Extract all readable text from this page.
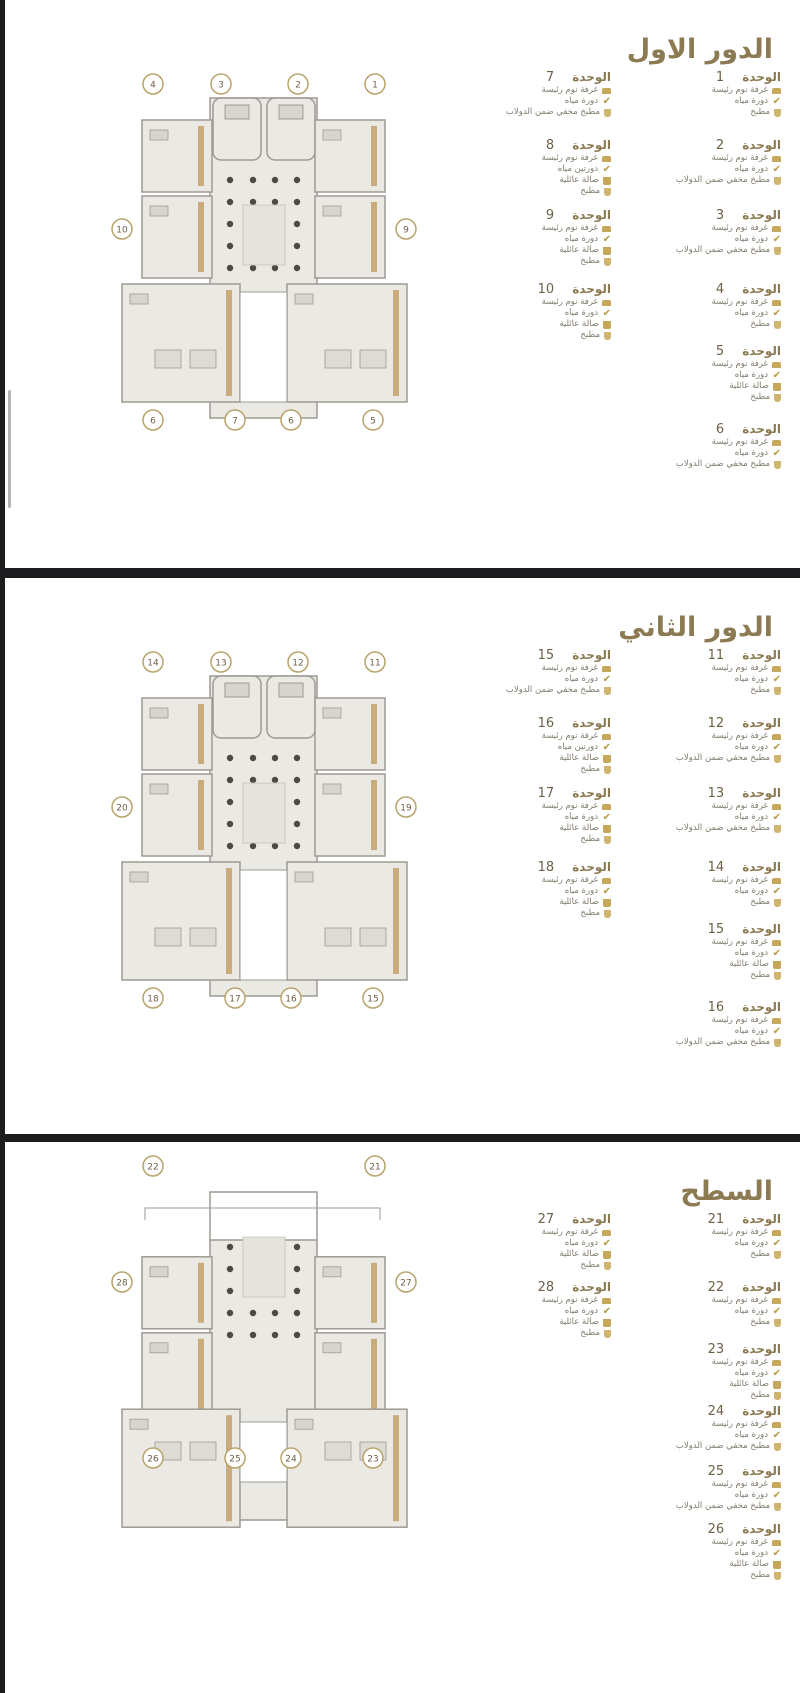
الدور الاول
4	3	2	1
10	9
6	7	6	5
الوحدة
1
غرفة نوم رئيسة
✔
دورة مياه
مطبخ
الوحدة
2
غرفة نوم رئيسة
✔
دورة مياه
مطبخ مخفي ضمن الدولاب
الوحدة
3
غرفة نوم رئيسة
✔
دورة مياه
مطبخ مخفي ضمن الدولاب
الوحدة
4
غرفة نوم رئيسة
✔
دورة مياه
مطبخ
الوحدة
5
غرفة نوم رئيسة
✔
دورة مياه
صالة عائلية
مطبخ
الوحدة
6
غرفة نوم رئيسة
✔
دورة مياه
مطبخ مخفي ضمن الدولاب
الوحدة
7
غرفة نوم رئيسة
✔
دورة مياه
مطبخ مخفي ضمن الدولاب
الوحدة
8
غرفة نوم رئيسة
✔
دورتين مياه
صالة عائلية
مطبخ
الوحدة
9
غرفة نوم رئيسة
✔
دورة مياه
صالة عائلية
مطبخ
الوحدة
10
غرفة نوم رئيسة
✔
دورة مياه
صالة عائلية
مطبخ
الدور الثاني
14	13	12	11
20	19
18	17	16	15
الوحدة
11
غرفة نوم رئيسة
✔
دورة مياه
مطبخ
الوحدة
12
غرفة نوم رئيسة
✔
دورة مياه
مطبخ مخفي ضمن الدولاب
الوحدة
13
غرفة نوم رئيسة
✔
دورة مياه
مطبخ مخفي ضمن الدولاب
الوحدة
14
غرفة نوم رئيسة
✔
دورة مياه
مطبخ
الوحدة
15
غرفة نوم رئيسة
✔
دورة مياه
صالة عائلية
مطبخ
الوحدة
16
غرفة نوم رئيسة
✔
دورة مياه
مطبخ مخفي ضمن الدولاب
الوحدة
15
غرفة نوم رئيسة
✔
دورة مياه
مطبخ مخفي ضمن الدولاب
الوحدة
16
غرفة نوم رئيسة
✔
دورتين مياه
صالة عائلية
مطبخ
الوحدة
17
غرفة نوم رئيسة
✔
دورة مياه
صالة عائلية
مطبخ
الوحدة
18
غرفة نوم رئيسة
✔
دورة مياه
صالة عائلية
مطبخ
السطح
22	21
28	27
26	25	24	23
الوحدة
21
غرفة نوم رئيسة
✔
دورة مياه
مطبخ
الوحدة
22
غرفة نوم رئيسة
✔
دورة مياه
مطبخ
الوحدة
23
غرفة نوم رئيسة
✔
دورة مياه
صالة عائلية
مطبخ
الوحدة
24
غرفة نوم رئيسة
✔
دورة مياه
مطبخ مخفي ضمن الدولاب
الوحدة
25
غرفة نوم رئيسة
✔
دورة مياه
مطبخ مخفي ضمن الدولاب
الوحدة
26
غرفة نوم رئيسة
✔
دورة مياه
صالة عائلية
مطبخ
الوحدة
27
غرفة نوم رئيسة
✔
دورة مياه
صالة عائلية
مطبخ
الوحدة
28
غرفة نوم رئيسة
✔
دورة مياه
صالة عائلية
مطبخ
